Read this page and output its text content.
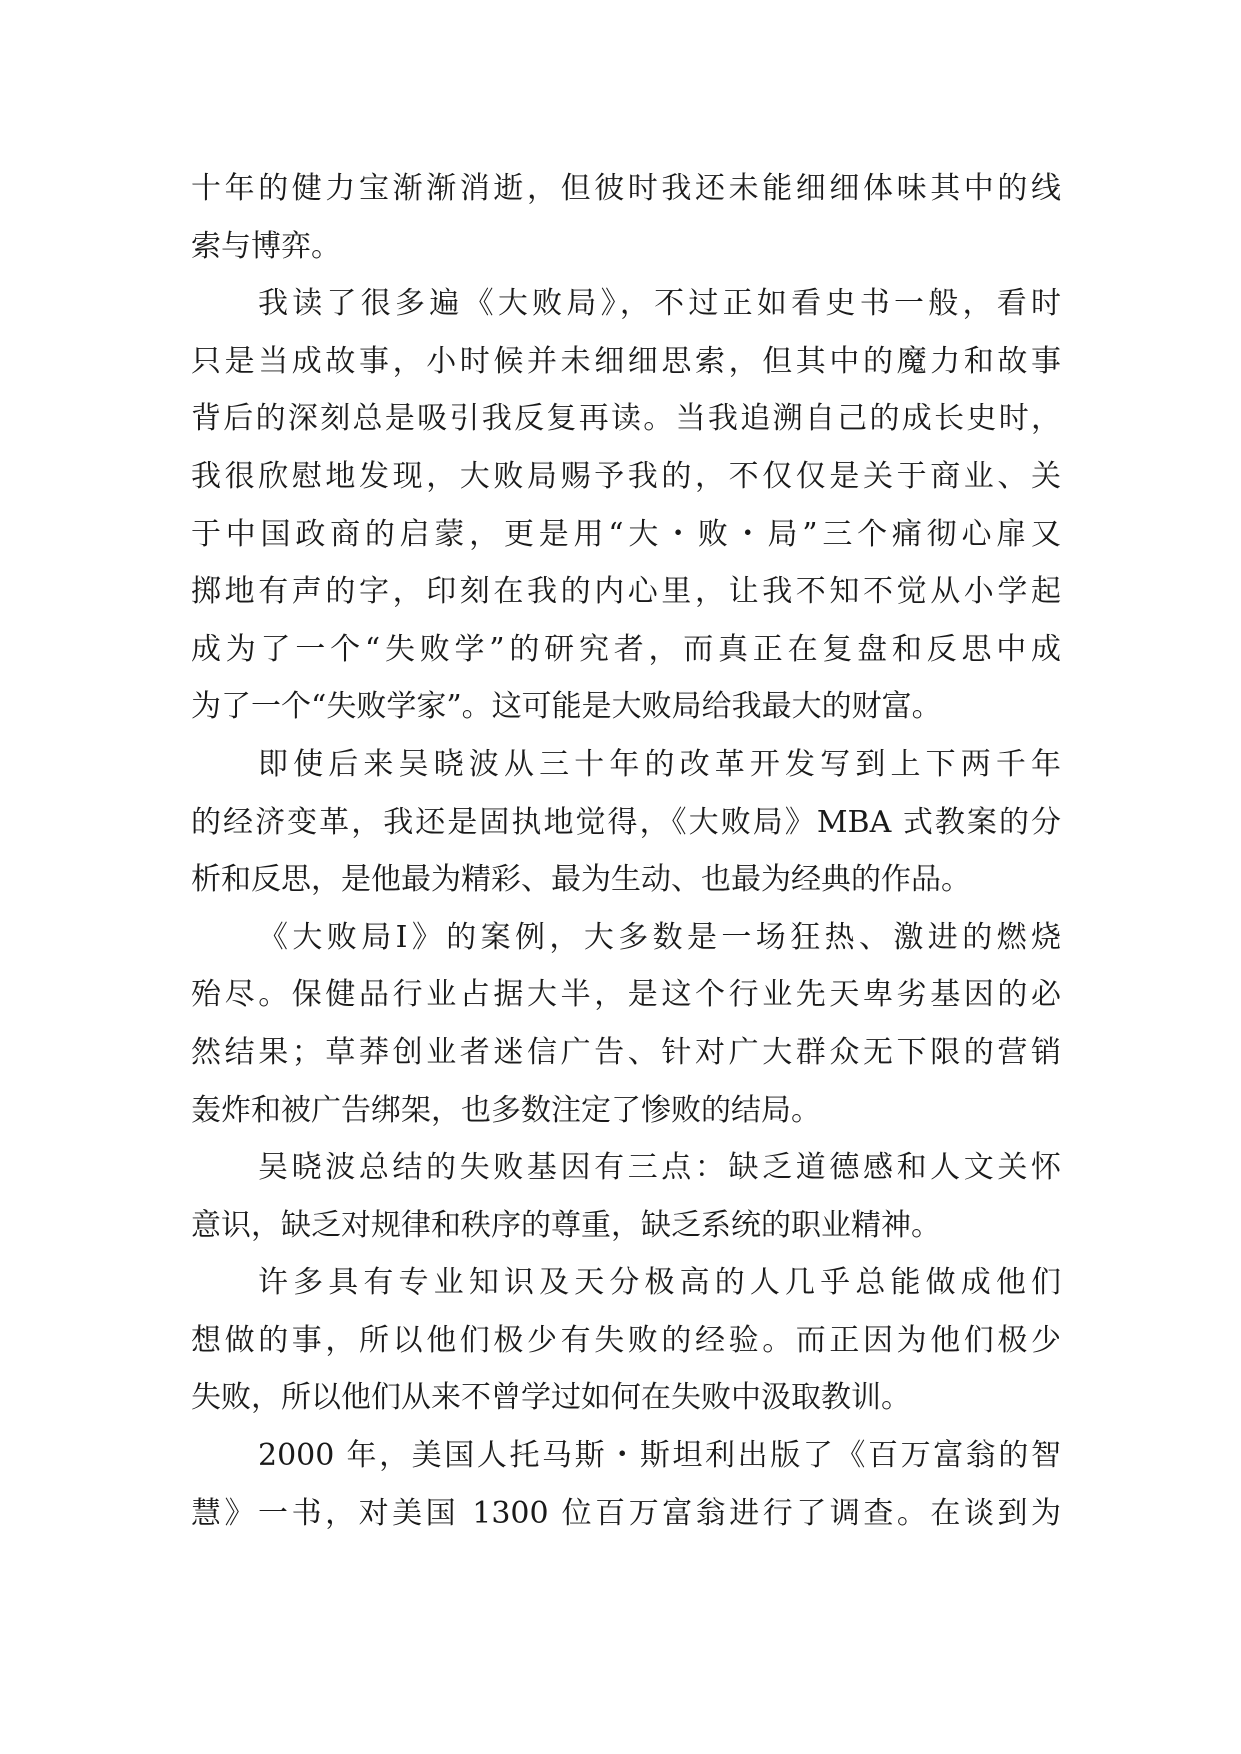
十年的健力宝渐渐消逝，但彼时我还未能细细体味其中的线
索与博弈。
我读了很多遍《大败局》，不过正如看史书一般，看时
只是当成故事，小时候并未细细思索，但其中的魔力和故事
背后的深刻总是吸引我反复再读。当我追溯自己的成长史时，
我很欣慰地发现，大败局赐予我的，不仅仅是关于商业、关
于中国政商的启蒙，更是用“大・败・局”三个痛彻心扉又
掷地有声的字，印刻在我的内心里，让我不知不觉从小学起
成为了一个“失败学”的研究者，而真正在复盘和反思中成
为了一个“失败学家”。这可能是大败局给我最大的财富。
即使后来吴晓波从三十年的改革开发写到上下两千年
的经济变革，我还是固执地觉得，《大败局》MBA 式教案的分
析和反思，是他最为精彩、最为生动、也最为经典的作品。
《大败局Ⅰ》的案例，大多数是一场狂热、激进的燃烧
殆尽。保健品行业占据大半，是这个行业先天卑劣基因的必
然结果；草莽创业者迷信广告、针对广大群众无下限的营销
轰炸和被广告绑架，也多数注定了惨败的结局。
吴晓波总结的失败基因有三点：缺乏道德感和人文关怀
意识，缺乏对规律和秩序的尊重，缺乏系统的职业精神。
许多具有专业知识及天分极高的人几乎总能做成他们
想做的事，所以他们极少有失败的经验。而正因为他们极少
失败，所以他们从来不曾学过如何在失败中汲取教训。
2000 年，美国人托马斯・斯坦利出版了《百万富翁的智
慧》一书，对美国 1300 位百万富翁进行了调查。在谈到为
